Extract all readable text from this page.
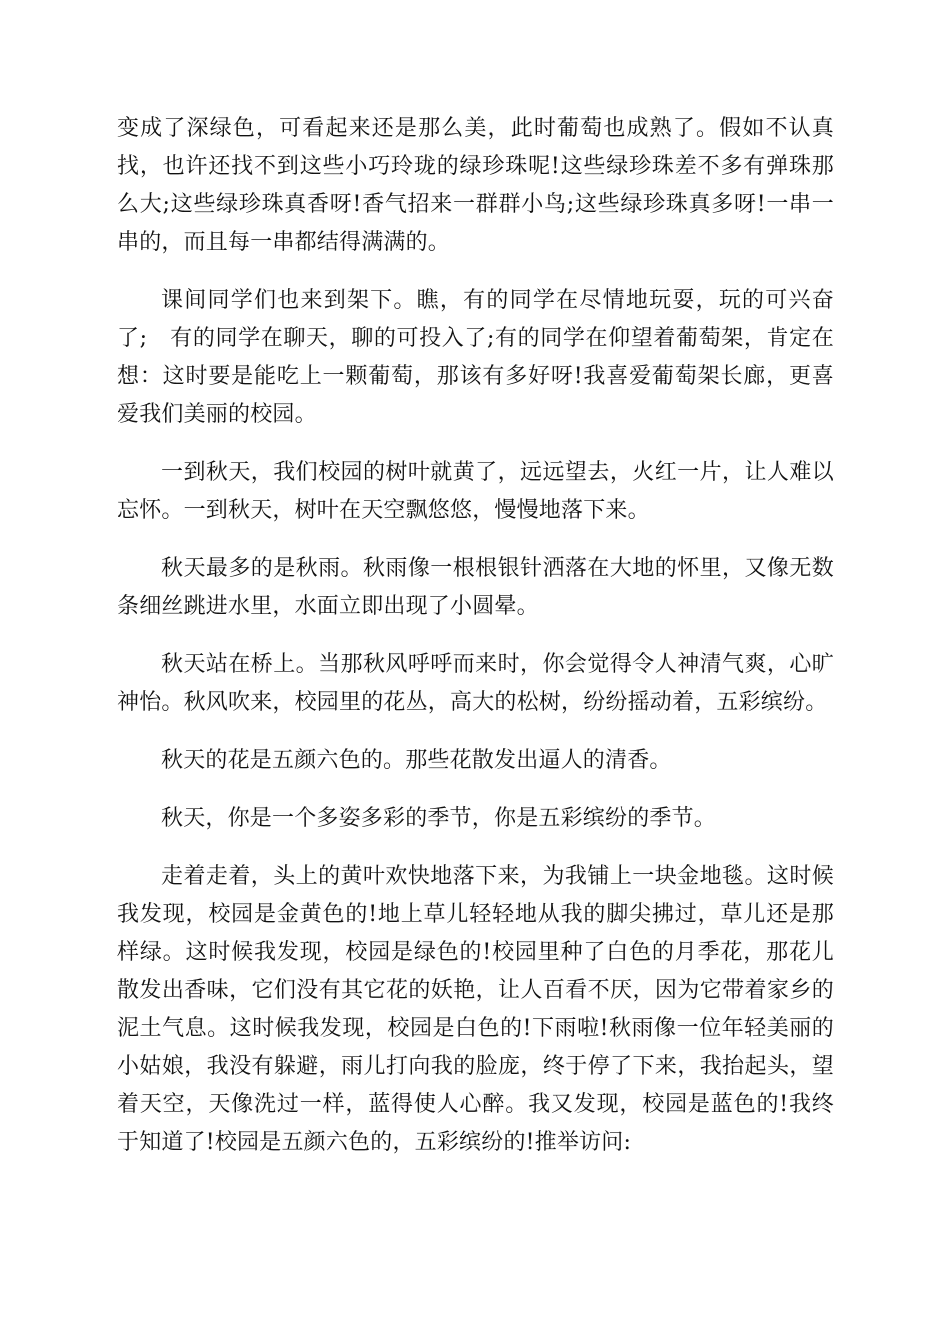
变成了深绿色，可看起来还是那么美，此时葡萄也成熟了。假如不认真找，也许还找不到这些小巧玲珑的绿珍珠呢!这些绿珍珠差不多有弹珠那么大;这些绿珍珠真香呀!香气招来一群群小鸟;这些绿珍珠真多呀!一串一串的，而且每一串都结得满满的。

课间同学们也来到架下。瞧，有的同学在尽情地玩耍，玩的可兴奋了;　有的同学在聊天，聊的可投入了;有的同学在仰望着葡萄架，肯定在想：这时要是能吃上一颗葡萄，那该有多好呀!我喜爱葡萄架长廊，更喜爱我们美丽的校园。

一到秋天，我们校园的树叶就黄了，远远望去，火红一片，让人难以忘怀。一到秋天，树叶在天空飘悠悠，慢慢地落下来。

秋天最多的是秋雨。秋雨像一根根银针洒落在大地的怀里，又像无数条细丝跳进水里，水面立即出现了小圆晕。

秋天站在桥上。当那秋风呼呼而来时，你会觉得令人神清气爽，心旷神怡。秋风吹来，校园里的花丛，高大的松树，纷纷摇动着，五彩缤纷。

秋天的花是五颜六色的。那些花散发出逼人的清香。

秋天，你是一个多姿多彩的季节，你是五彩缤纷的季节。

走着走着，头上的黄叶欢快地落下来，为我铺上一块金地毯。这时候我发现，校园是金黄色的!地上草儿轻轻地从我的脚尖拂过，草儿还是那样绿。这时候我发现，校园是绿色的!校园里种了白色的月季花，那花儿散发出香味，它们没有其它花的妖艳，让人百看不厌，因为它带着家乡的泥土气息。这时候我发现，校园是白色的!下雨啦!秋雨像一位年轻美丽的小姑娘，我没有躲避，雨儿打向我的脸庞，终于停了下来，我抬起头，望着天空，天像洗过一样，蓝得使人心醉。我又发现，校园是蓝色的!我终于知道了!校园是五颜六色的，五彩缤纷的!推举访问:
